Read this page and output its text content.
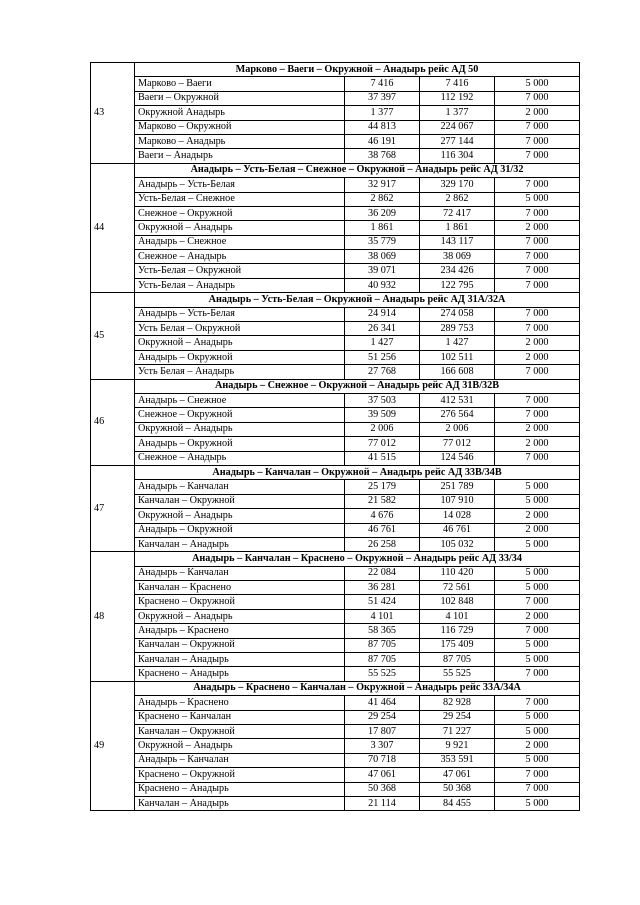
43	Марково – Ваеги – Окружной – Анадырь рейс АД 50			
	Марково – Ваеги	7 416	7 416	5 000
	Ваеги – Окружной	37 397	112 192	7 000
	Окружной Анадырь	1 377	1 377	2 000
	Марково – Окружной	44 813	224 067	7 000
	Марково – Анадырь	46 191	277 144	7 000
	Ваеги – Анадырь	38 768	116 304	7 000
44	Анадырь – Усть-Белая – Снежное – Окружной – Анадырь рейс АД 31/32			
	Анадырь – Усть-Белая	32 917	329 170	7 000
	Усть-Белая – Снежное	2 862	2 862	5 000
	Снежное – Окружной	36 209	72 417	7 000
	Окружной – Анадырь	1 861	1 861	2 000
	Анадырь – Снежное	35 779	143 117	7 000
	Снежное – Анадырь	38 069	38 069	7 000
	Усть-Белая – Окружной	39 071	234 426	7 000
	Усть-Белая – Анадырь	40 932	122 795	7 000
45	Анадырь – Усть-Белая – Окружной – Анадырь рейс АД 31А/32А			
	Анадырь – Усть-Белая	24 914	274 058	7 000
	Усть Белая – Окружной	26 341	289 753	7 000
	Окружной – Анадырь	1 427	1 427	2 000
	Анадырь – Окружной	51 256	102 511	2 000
	Усть Белая – Анадырь	27 768	166 608	7 000
46	Анадырь – Снежное – Окружной – Анадырь рейс АД 31В/32В			
	Анадырь – Снежное	37 503	412 531	7 000
	Снежное – Окружной	39 509	276 564	7 000
	Окружной – Анадырь	2 006	2 006	2 000
	Анадырь – Окружной	77 012	77 012	2 000
	Снежное – Анадырь	41 515	124 546	7 000
47	Анадырь – Канчалан – Окружной – Анадырь рейс АД 33В/34В			
	Анадырь – Канчалан	25 179	251 789	5 000
	Канчалан – Окружной	21 582	107 910	5 000
	Окружной – Анадырь	4 676	14 028	2 000
	Анадырь – Окружной	46 761	46 761	2 000
	Канчалан – Анадырь	26 258	105 032	5 000
48	Анадырь – Канчалан – Краснено – Окружной – Анадырь рейс АД 33/34			
	Анадырь – Канчалан	22 084	110 420	5 000
	Канчалан – Краснено	36 281	72 561	5 000
	Краснено – Окружной	51 424	102 848	7 000
	Окружной – Анадырь	4 101	4 101	2 000
	Анадырь – Краснено	58 365	116 729	7 000
	Канчалан – Окружной	87 705	175 409	5 000
	Канчалан – Анадырь	87 705	87 705	5 000
	Краснено – Анадырь	55 525	55 525	7 000
49	Анадырь – Краснено – Канчалан – Окружной – Анадырь рейс 33А/34А			
	Анадырь – Краснено	41 464	82 928	7 000
	Краснено – Канчалан	29 254	29 254	5 000
	Канчалан – Окружной	17 807	71 227	5 000
	Окружной – Анадырь	3 307	9 921	2 000
	Анадырь – Канчалан	70 718	353 591	5 000
	Краснено – Окружной	47 061	47 061	7 000
	Краснено – Анадырь	50 368	50 368	7 000
	Канчалан – Анадырь	21 114	84 455	5 000
